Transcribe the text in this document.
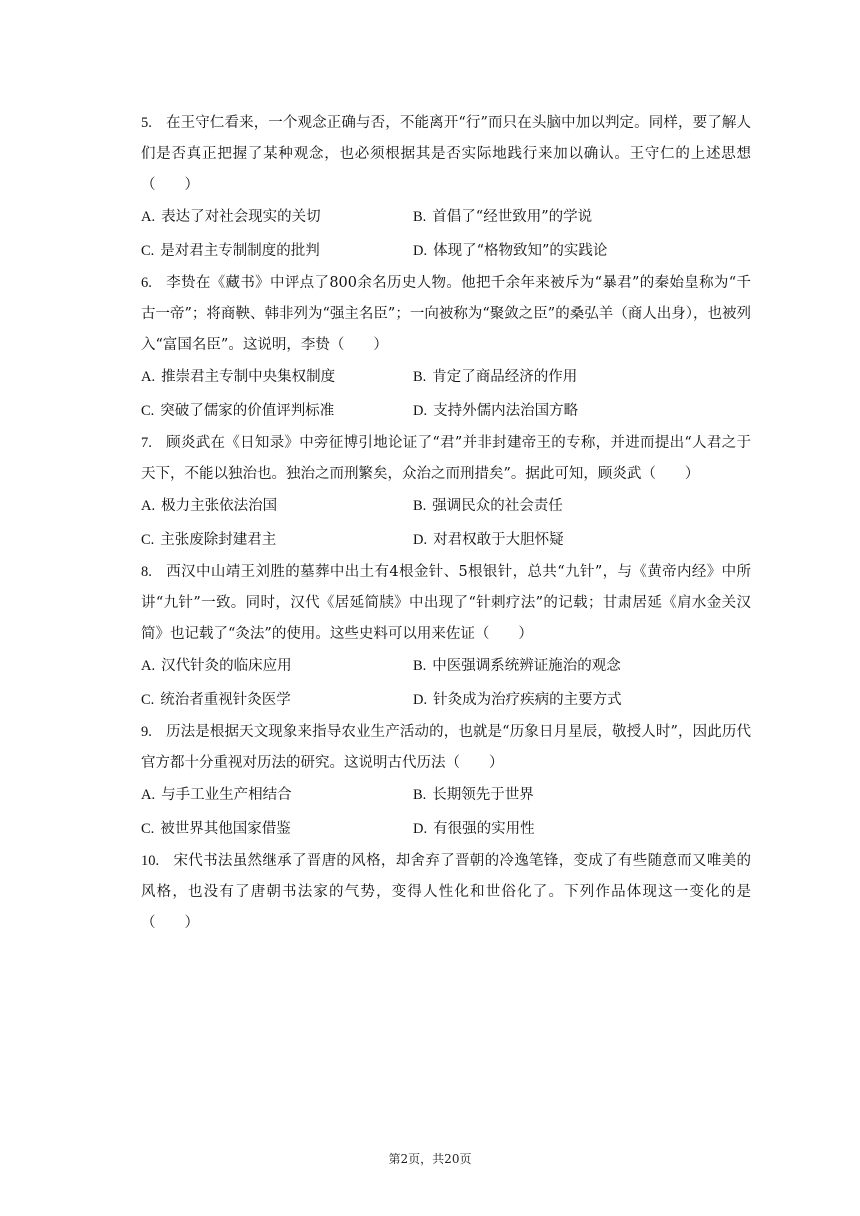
5. 在王守仁看来，一个观念正确与否，不能离开“行”而只在头脑中加以判定。同样，要了解人们是否真正把握了某种观念，也必须根据其是否实际地践行来加以确认。王守仁的上述思想（　　）

A. 表达了对社会现实的关切	B. 首倡了“经世致用”的学说
C. 是对君主专制制度的批判	D. 体现了“格物致知”的实践论

6. 李贽在《藏书》中评点了800余名历史人物。他把千余年来被斥为“暴君”的秦始皇称为“千古一帝”；将商鞅、韩非列为“强主名臣”；一向被称为“聚敛之臣”的桑弘羊（商人出身），也被列入“富国名臣”。这说明，李贽（　　）

A. 推崇君主专制中央集权制度	B. 肯定了商品经济的作用
C. 突破了儒家的价值评判标准	D. 支持外儒内法治国方略

7. 顾炎武在《日知录》中旁征博引地论证了“君”并非封建帝王的专称，并进而提出“人君之于天下，不能以独治也。独治之而刑繁矣，众治之而刑措矣”。据此可知，顾炎武（　　）

A. 极力主张依法治国	B. 强调民众的社会责任
C. 主张废除封建君主	D. 对君权敢于大胆怀疑

8. 西汉中山靖王刘胜的墓葬中出土有4根金针、5根银针，总共“九针”，与《黄帝内经》中所讲“九针”一致。同时，汉代《居延简牍》中出现了“针刺疗法”的记载；甘肃居延《肩水金关汉简》也记载了“灸法”的使用。这些史料可以用来佐证（　　）

A. 汉代针灸的临床应用	B. 中医强调系统辨证施治的观念
C. 统治者重视针灸医学	D. 针灸成为治疗疾病的主要方式

9. 历法是根据天文现象来指导农业生产活动的，也就是“历象日月星辰，敬授人时”，因此历代官方都十分重视对历法的研究。这说明古代历法（　　）

A. 与手工业生产相结合	B. 长期领先于世界
C. 被世界其他国家借鉴	D. 有很强的实用性

10. 宋代书法虽然继承了晋唐的风格，却舍弃了晋朝的冷逸笔锋，变成了有些随意而又唯美的风格，也没有了唐朝书法家的气势，变得人性化和世俗化了。下列作品体现这一变化的是（　　）

第2页，共20页
